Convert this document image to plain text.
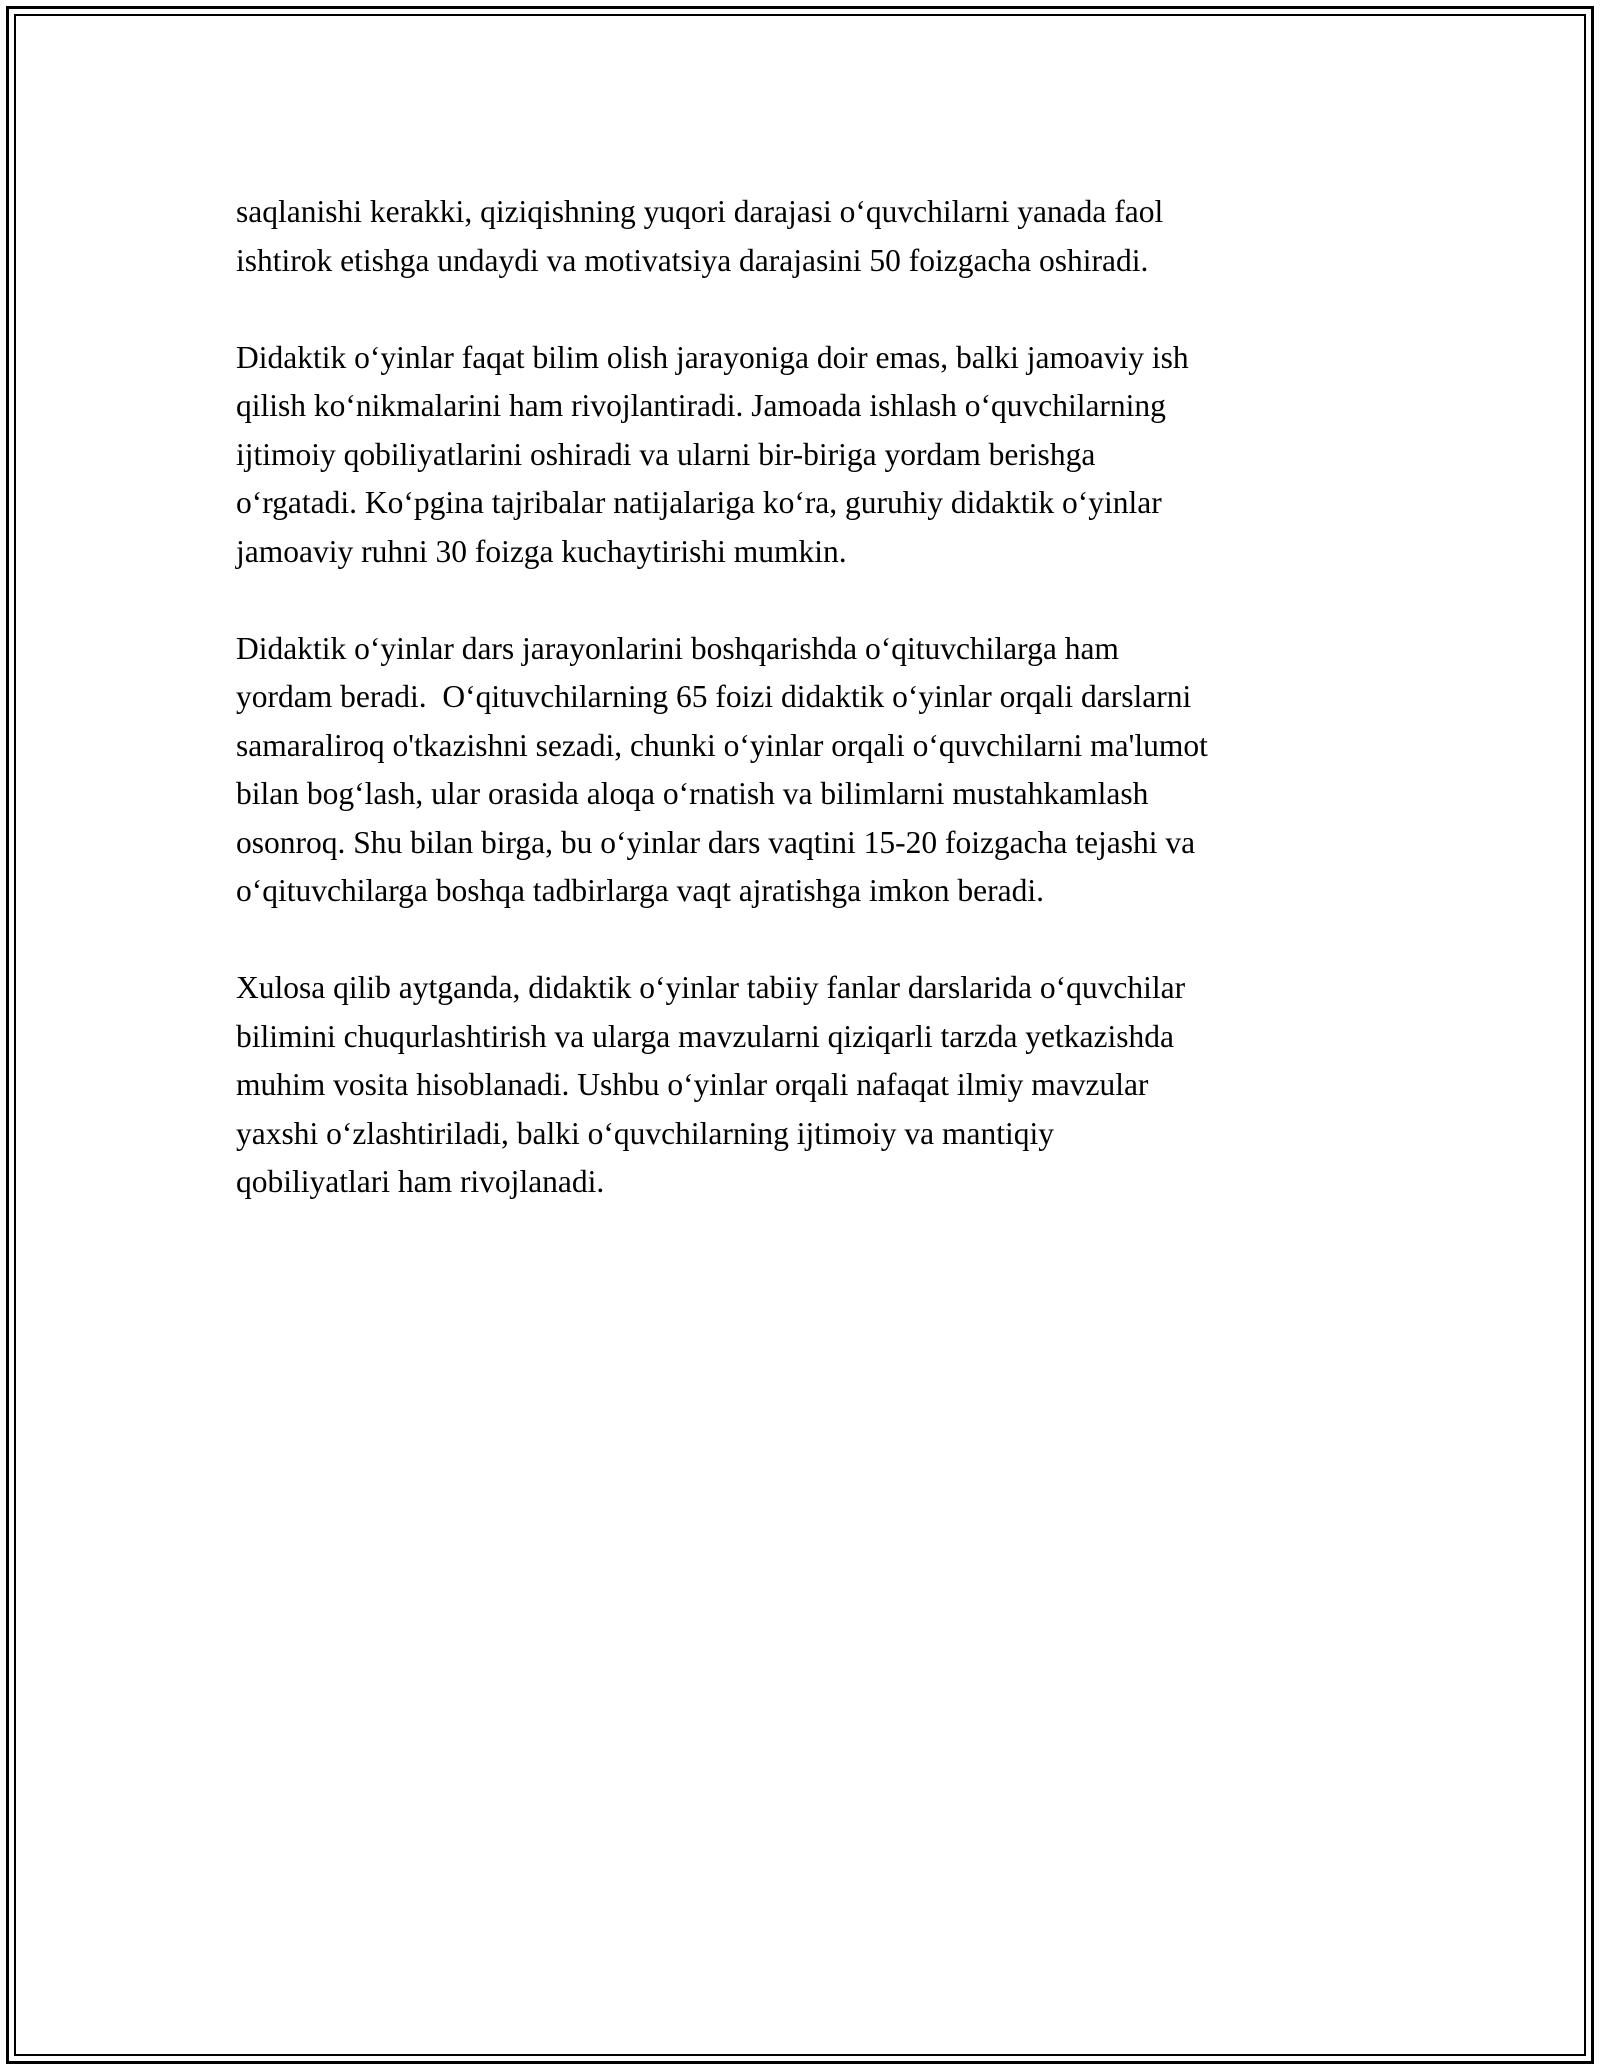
saqlanishi kerakki, qiziqishning yuqori darajasi o‘quvchilarni yanada faol
ishtirok etishga undaydi va motivatsiya darajasini 50 foizgacha oshiradi.

Didaktik o‘yinlar faqat bilim olish jarayoniga doir emas, balki jamoaviy ish
qilish ko‘nikmalarini ham rivojlantiradi. Jamoada ishlash o‘quvchilarning
ijtimoiy qobiliyatlarini oshiradi va ularni bir-biriga yordam berishga
o‘rgatadi. Ko‘pgina tajribalar natijalariga ko‘ra, guruhiy didaktik o‘yinlar
jamoaviy ruhni 30 foizga kuchaytirishi mumkin.

Didaktik o‘yinlar dars jarayonlarini boshqarishda o‘qituvchilarga ham
yordam beradi.  O‘qituvchilarning 65 foizi didaktik o‘yinlar orqali darslarni
samaraliroq o'tkazishni sezadi, chunki o‘yinlar orqali o‘quvchilarni ma'lumot
bilan bog‘lash, ular orasida aloqa o‘rnatish va bilimlarni mustahkamlash
osonroq. Shu bilan birga, bu o‘yinlar dars vaqtini 15-20 foizgacha tejashi va
o‘qituvchilarga boshqa tadbirlarga vaqt ajratishga imkon beradi.

Xulosa qilib aytganda, didaktik o‘yinlar tabiiy fanlar darslarida o‘quvchilar
bilimini chuqurlashtirish va ularga mavzularni qiziqarli tarzda yetkazishda
muhim vosita hisoblanadi. Ushbu o‘yinlar orqali nafaqat ilmiy mavzular
yaxshi o‘zlashtiriladi, balki o‘quvchilarning ijtimoiy va mantiqiy
qobiliyatlari ham rivojlanadi.
